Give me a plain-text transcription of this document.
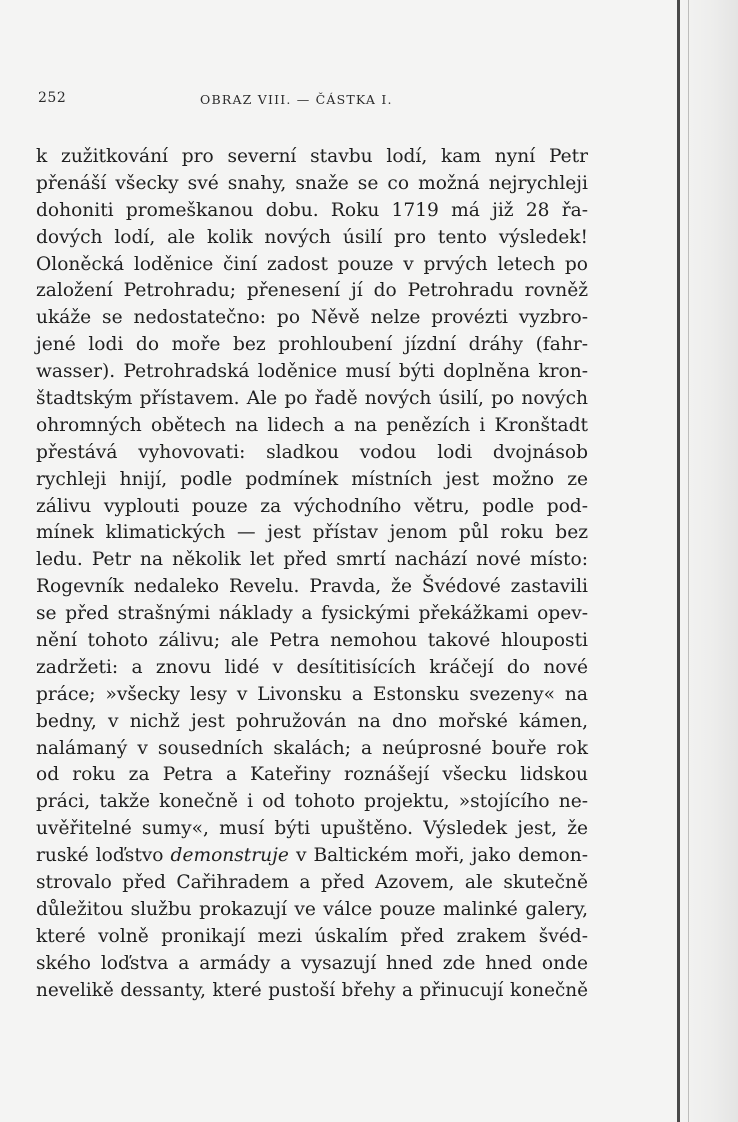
252	OBRAZ VIII. — ČÁSTKA I.
k zužitkování pro severní stavbu lodí, kam nyní Petr
přenáší všecky své snahy, snaže se co možná nejrychleji
dohoniti promeškanou dobu. Roku 1719 má již 28 řa-
dových lodí, ale kolik nových úsilí pro tento výsledek!
Oloněcká loděnice činí zadost pouze v prvých letech po
založení Petrohradu; přenesení jí do Petrohradu rovněž
ukáže se nedostatečno: po Něvě nelze provézti vyzbro-
jené lodi do moře bez prohloubení jízdní dráhy (fahr-
wasser). Petrohradská loděnice musí býti doplněna kron-
štadtským přístavem. Ale po řadě nových úsilí, po nových
ohromných obětech na lidech a na penězích i Kronštadt
přestává vyhovovati: sladkou vodou lodi dvojnásob
rychleji hnijí, podle podmínek místních jest možno ze
zálivu vyplouti pouze za východního větru, podle pod-
mínek klimatických — jest přístav jenom půl roku bez
ledu. Petr na několik let před smrtí nachází nové místo:
Rogevník nedaleko Revelu. Pravda, že Švédové zastavili
se před strašnými náklady a fysickými překážkami opev-
nění tohoto zálivu; ale Petra nemohou takové hlouposti
zadržeti: a znovu lidé v desítitisících kráčejí do nové
práce; »všecky lesy v Livonsku a Estonsku svezeny« na
bedny, v nichž jest pohružován na dno mořské kámen,
nalámaný v sousedních skalách; a neúprosné bouře rok
od roku za Petra a Kateřiny roznášejí všecku lidskou
práci, takže konečně i od tohoto projektu, »stojícího ne-
uvěřitelné sumy«, musí býti upuštěno. Výsledek jest, že
ruské loďstvo demonstruje v Baltickém moři, jako demon-
strovalo před Cařihradem a před Azovem, ale skutečně
důležitou službu prokazují ve válce pouze malinké galery,
které volně pronikají mezi úskalím před zrakem švéd-
ského loďstva a armády a vysazují hned zde hned onde
nevelikě dessanty, které pustoší břehy a přinucují konečně
